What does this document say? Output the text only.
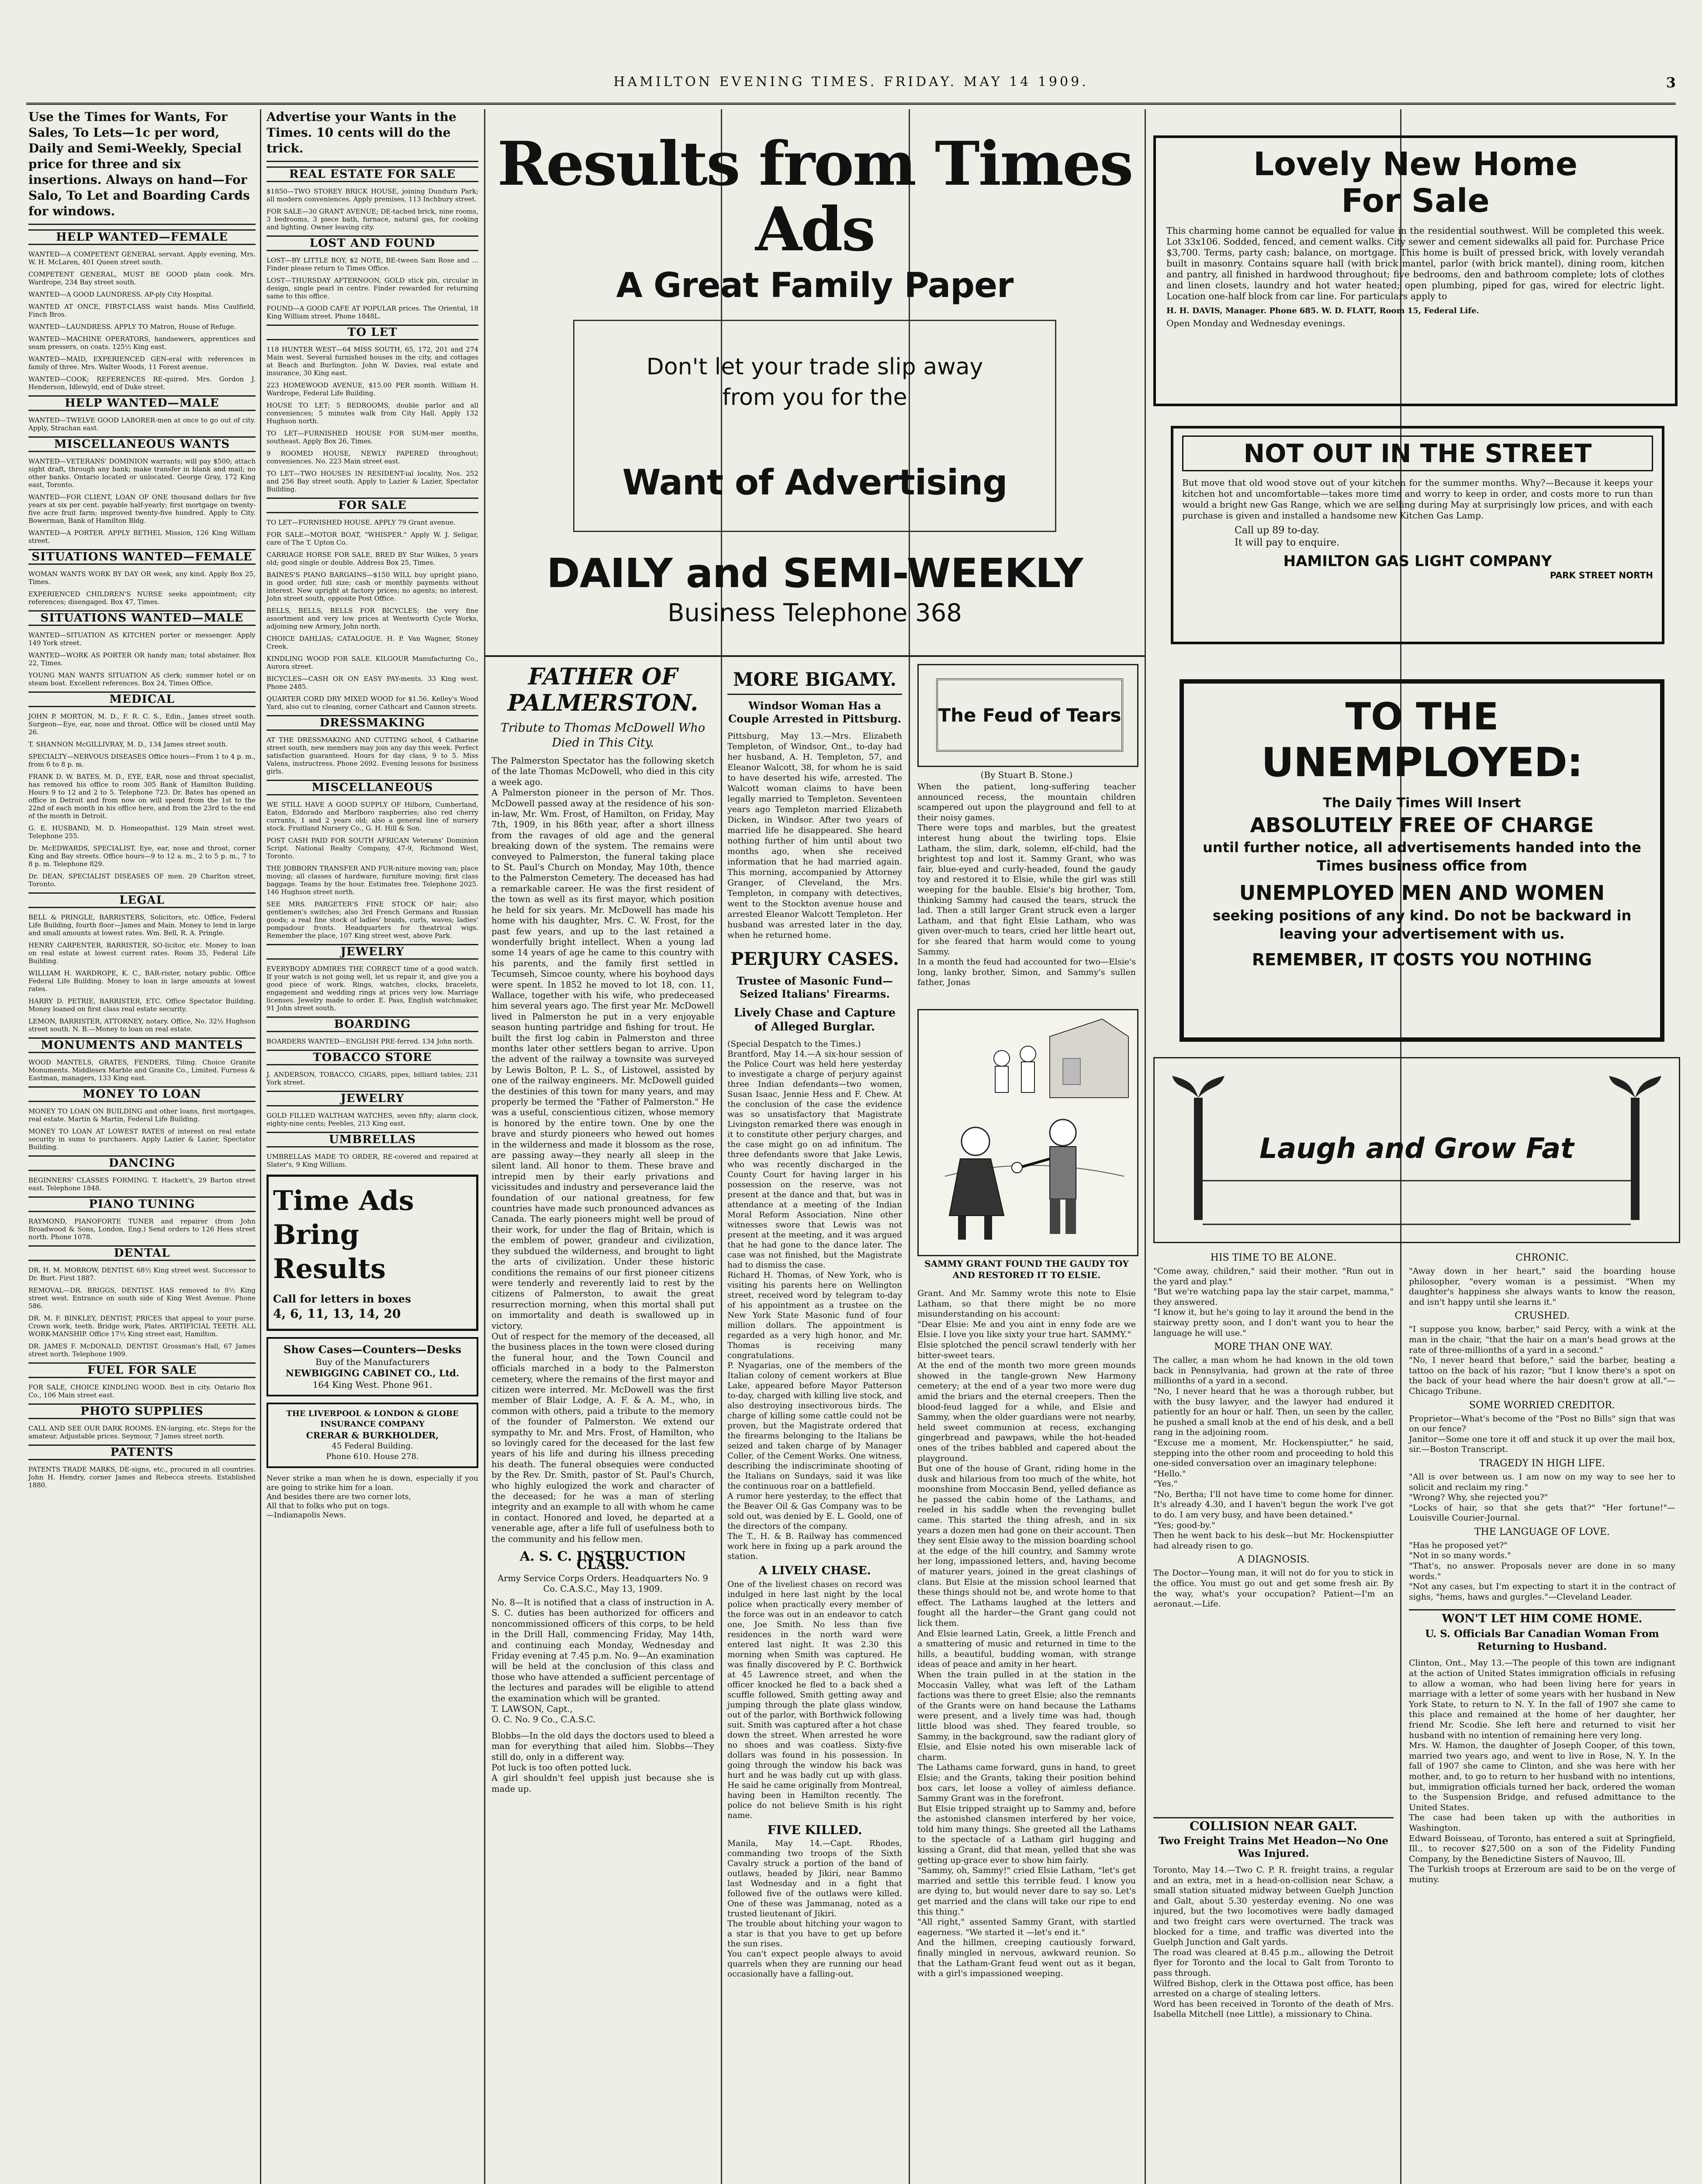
HAMILTON EVENING TIMES. FRIDAY. MAY 14 1909.	3
Use the Times for Wants, For Sales, To Lets—1c per word, Daily and Semi-Weekly, Special price for three and six insertions. Always on hand—For Salo, To Let and Boarding Cards for windows.
HELP WANTED—FEMALE

WANTED—A COMPETENT GENERAL servant. Apply evening, Mrs. W. H. McLaren, 401 Queen street south.

COMPETENT GENERAL, MUST BE GOOD plain cook. Mrs. Wardrope, 234 Bay street south.

WANTED—A GOOD LAUNDRESS. AP-ply City Hospital.

WANTED AT ONCE, FIRST-CLASS waist hands. Miss Caulfield, Finch Bros.

WANTED—LAUNDRESS. APPLY TO Matron, House of Refuge.

WANTED—MACHINE OPERATORS, handsewers, apprentices and seam pressers, on coats. 125½ King east.

WANTED—MAID, EXPERIENCED GEN-eral with references in family of three. Mrs. Walter Woods, 11 Forest avenue.

WANTED—COOK; REFERENCES RE-quired. Mrs. Gordon J. Henderson, Idlewyld, end of Duke street.

HELP WANTED—MALE

WANTED—TWELVE GOOD LABORER-men at once to go out of city. Apply, Strachan east.

MISCELLANEOUS WANTS

WANTED—VETERANS' DOMINION warrants; will pay $500; attach sight draft, through any bank; make transfer in blank and mail; no other banks. Ontario located or unlocated. George Gray, 172 King east, Toronto.

WANTED—FOR CLIENT, LOAN OF ONE thousand dollars for five years at six per cent. payable half-yearly; first mortgage on twenty-five acre fruit farm; improved twenty-five hundred. Apply to City. Bowerman, Bank of Hamilton Bldg.

WANTED—A PORTER. APPLY BETHEL Mission, 126 King William street.

SITUATIONS WANTED—FEMALE

WOMAN WANTS WORK BY DAY OR week, any kind. Apply Box 25, Times.

EXPERIENCED CHILDREN'S NURSE seeks appointment; city references; disengaged. Box 47, Times.

SITUATIONS WANTED—MALE

WANTED—SITUATION AS KITCHEN porter or messenger. Apply 149 York street.

WANTED—WORK AS PORTER OR handy man; total abstainer. Box 22, Times.

YOUNG MAN WANTS SITUATION AS clerk; summer hotel or on steam boat. Excellent references. Box 24, Times Office.

MEDICAL

JOHN P. MORTON, M. D., F. R. C. S., Edin., James street south. Surgeon—Eye, ear, nose and throat. Office will be closed until May 26.

T. SHANNON McGILLIVRAY, M. D., 134 James street south.

SPECIALTY—NERVOUS DISEASES Office hours—From 1 to 4 p. m., from 6 to 8 p. m.

FRANK D. W. BATES, M. D., EYE, EAR, nose and throat specialist, has removed his office to room 305 Bank of Hamilton Building. Hours 9 to 12 and 2 to 5. Telephone 723. Dr. Bates has opened an office in Detroit and from now on will spend from the 1st to the 22nd of each month in his office here, and from the 23rd to the end of the month in Detroit.

G. E. HUSBAND, M. D. Homeopathist. 129 Main street west. Telephone 255.

Dr. McEDWARDS, SPECIALIST. Eye, ear, nose and throat, corner King and Bay streets. Office hours—9 to 12 a. m., 2 to 5 p. m., 7 to 8 p. m. Telephone 829.

Dr. DEAN, SPECIALIST DISEASES OF men. 29 Charlton street, Toronto.

LEGAL

BELL & PRINGLE, BARRISTERS, Solicitors, etc. Office, Federal Life Building, fourth floor—James and Main. Money to lend in large and small amounts at lowest rates. Wm. Bell, R. A. Pringle.

HENRY CARPENTER, BARRISTER, SO-licitor, etc. Money to loan on real estate at lowest current rates. Room 35, Federal Life Building.

WILLIAM H. WARDROPE, K. C., BAR-rister, notary public. Office Federal Life Building. Money to loan in large amounts at lowest rates.

HARRY D. PETRIE, BARRISTER, ETC. Office Spectator Building. Money loaned on first class real estate security.

LEMON, BARRISTER, ATTORNEY, notary. Office, No. 32½ Hughson street south. N. B.—Money to loan on real estate.

MONUMENTS AND MANTELS

WOOD MANTELS, GRATES, FENDERS, Tiling. Choice Granite Monuments. Middlesex Marble and Granite Co., Limited. Furness & Eastman, managers, 133 King east.

MONEY TO LOAN

MONEY TO LOAN ON BUILDING and other loans, first mortgages, real estate. Martin & Martin, Federal Life Building.

MONEY TO LOAN AT LOWEST RATES of interest on real estate security in sums to purchasers. Apply Lazier & Lazier, Spectator Building.

DANCING

BEGINNERS' CLASSES FORMING. T. Hackett's, 29 Barton street east. Telephone 1848.

PIANO TUNING

RAYMOND, PIANOFORTE TUNER and repairer (from John Broadwood & Sons, London, Eng.) Send orders to 126 Hess street north. Phone 1078.

DENTAL

DR. H. M. MORROW, DENTIST. 68½ King street west. Successor to Dr. Burt. First 1887.

REMOVAL—DR. BRIGGS, DENTIST. HAS removed to 8½ King street west. Entrance on south side of King West Avenue. Phone 586.

DR. M. F. BINKLEY, DENTIST, PRICES that appeal to your purse. Crown work, teeth. Bridge work, Plates. ARTIFICIAL TEETH. ALL WORK-MANSHIP. Office 17½ King street east, Hamilton.

DR. JAMES F. McDONALD, DENTIST. Grossman's Hall, 67 James street north. Telephone 1909.

FUEL FOR SALE

FOR SALE, CHOICE KINDLING WOOD. Best in city. Ontario Box Co., 106 Main street east.

PHOTO SUPPLIES

CALL AND SEE OUR DARK ROOMS. EN-larging, etc. Steps for the amateur. Adjustable prices. Seymour, 7 James street north.

PATENTS

PATENTS TRADE MARKS, DE-signs, etc., procured in all countries. John H. Hendry, corner James and Rebecca streets. Established 1880.

Advertise your Wants in the Times. 10 cents will do the trick.
REAL ESTATE FOR SALE

$1850—TWO STOREY BRICK HOUSE, joining Dundurn Park; all modern conveniences. Apply premises, 113 Inchbury street.

FOR SALE—30 GRANT AVENUE; DE-tached brick, nine rooms, 3 bedrooms, 3 piece bath, furnace, natural gas, for cooking and lighting. Owner leaving city.

LOST AND FOUND

LOST—BY LITTLE BOY, $2 NOTE, BE-tween Sam Rose and ... Finder please return to Times Office.

LOST—THURSDAY AFTERNOON, GOLD stick pin, circular in design, single pearl in centre. Finder rewarded for returning same to this office.

FOUND—A GOOD CAFE AT POPULAR prices. The Oriental, 18 King William street. Phone 1848L.

TO LET

118 HUNTER WEST—64 MISS SOUTH, 65, 172, 201 and 274 Main west. Several furnished houses in the city, and cottages at Beach and Burlington. John W. Davies, real estate and insurance, 30 King east.

223 HOMEWOOD AVENUE, $15.00 PER month. William H. Wardrope, Federal Life Building.

HOUSE TO LET; 5 BEDROOMS, double parlor and all conveniences; 5 minutes walk from City Hall. Apply 132 Hughson north.

TO LET—FURNISHED HOUSE FOR SUM-mer months, southeast. Apply Box 26, Times.

9 ROOMED HOUSE, NEWLY PAPERED throughout; conveniences. No. 223 Main street east.

TO LET—TWO HOUSES IN RESIDENT-ial locality, Nos. 252 and 256 Bay street south. Apply to Lazier & Lazier, Spectator Building.

FOR SALE

TO LET—FURNISHED HOUSE. APPLY 79 Grant avenue.

FOR SALE—MOTOR BOAT, "WHISPER." Apply W. J. Seligar, care of The T. Upton Co.

CARRIAGE HORSE FOR SALE, BRED BY Star Wilkes, 5 years old; good single or double. Address Box 25, Times.

BAINES'S PIANO BARGAINS—$150 WILL buy upright piano, in good order, full size; cash or monthly payments without interest. New upright at factory prices; no agents; no interest. John street south, opposite Post Office.

BELLS, BELLS, BELLS FOR BICYCLES; the very fine assortment and very low prices at Wentworth Cycle Works, adjoining new Armory, John north.

CHOICE DAHLIAS; CATALOGUE. H. P. Van Wagner, Stoney Creek.

KINDLING WOOD FOR SALE. KILGOUR Manufacturing Co., Aurora street.

BICYCLES—CASH OR ON EASY PAY-ments. 33 King west. Phone 2485.

QUARTER CORD DRY MIXED WOOD for $1.56. Kelley's Wood Yard, also cut to cleaning, corner Cathcart and Cannon streets.

DRESSMAKING

AT THE DRESSMAKING AND CUTTING school, 4 Catharine street south, new members may join any day this week. Perfect satisfaction guaranteed. Hours for day class, 9 to 5. Miss Valens, instructress. Phone 2692. Evening lessons for business girls.

MISCELLANEOUS

WE STILL HAVE A GOOD SUPPLY OF Hilborn, Cumberland, Eaton, Eldorado and Marlboro raspberries; also red cherry currants, 1 and 2 years old; also a general line of nursery stock. Fruitland Nursery Co., G. H. Hill & Son.

POST CASH PAID FOR SOUTH AFRICAN Veterans' Dominion Script. National Realty Company, 47-9, Richmond West, Toronto.

THE JOBBORN TRANSFER AND FUR-niture moving van; place moving; all classes of hardware, furniture moving; first class baggage. Teams by the hour. Estimates free. Telephone 2025. 146 Hughson street north.

SEE MRS. PARGETER'S FINE STOCK OF hair; also gentlemen's switches; also 3rd French Germans and Russian goods; a real fine stock of ladies' braids, curls, waves; ladies' pompadour fronts. Headquarters for theatrical wigs. Remember the place, 107 King street west, above Park.

JEWELRY

EVERYBODY ADMIRES THE CORRECT time of a good watch. If your watch is not going well, let us repair it, and give you a good piece of work. Rings, watches, clocks, bracelets, engagement and wedding rings at prices very low. Marriage licenses. Jewelry made to order. E. Pass, English watchmaker, 91 John street south.

BOARDING

BOARDERS WANTED—ENGLISH PRE-ferred. 134 John north.

TOBACCO STORE

J. ANDERSON, TOBACCO, CIGARS, pipes, billiard tables; 231 York street.

JEWELRY

GOLD FILLED WALTHAM WATCHES, seven fifty; alarm clock, eighty-nine cents; Peebles, 213 King east.

UMBRELLAS

UMBRELLAS MADE TO ORDER, RE-covered and repaired at Slater's, 9 King William.

Time Ads
Bring
Results
Call for letters in boxes
4, 6, 11, 13, 14, 20
Show Cases—Counters—Desks
Buy of the Manufacturers
NEWBIGGING CABINET CO., Ltd.
164 King West. Phone 961.
THE LIVERPOOL & LONDON & GLOBE
INSURANCE COMPANY
CRERAR & BURKHOLDER,
45 Federal Building.
Phone 610. House 278.

Never strike a man when he is down, especially if you are going to strike him for a loan.
And besides there are two corner lots,
All that to folks who put on togs.
—Indianapolis News.

Results from Times Ads
A Great Family Paper
Don't let your trade slip away
from you for the
Want of Advertising
DAILY and SEMI-WEEKLY
Business Telephone 368
FATHER OF
PALMERSTON.
Tribute to Thomas McDowell Who Died in This City.
The Palmerston Spectator has the following sketch of the late Thomas McDowell, who died in this city a week ago.
A Palmerston pioneer in the person of Mr. Thos. McDowell passed away at the residence of his son-in-law, Mr. Wm. Frost, of Hamilton, on Friday, May 7th, 1909, in his 86th year, after a short illness from the ravages of old age and the general breaking down of the system. The remains were conveyed to Palmerston, the funeral taking place to St. Paul's Church on Monday, May 10th, thence to the Palmerston Cemetery. The deceased has had a remarkable career. He was the first resident of the town as well as its first mayor, which position he held for six years. Mr. McDowell has made his home with his daughter, Mrs. C. W. Frost, for the past few years, and up to the last retained a wonderfully bright intellect. When a young lad some 14 years of age he came to this country with his parents, and the family first settled in Tecumseh, Simcoe county, where his boyhood days were spent. In 1852 he moved to lot 18, con. 11, Wallace, together with his wife, who predeceased him several years ago. The first year Mr. McDowell lived in Palmerston he put in a very enjoyable season hunting partridge and fishing for trout. He built the first log cabin in Palmerston and three months later other settlers began to arrive. Upon the advent of the railway a townsite was surveyed by Lewis Bolton, P. L. S., of Listowel, assisted by one of the railway engineers. Mr. McDowell guided the destinies of this town for many years, and may properly be termed the "Father of Palmerston." He was a useful, conscientious citizen, whose memory is honored by the entire town. One by one the brave and sturdy pioneers who hewed out homes in the wilderness and made it blossom as the rose, are passing away—they nearly all sleep in the silent land. All honor to them. These brave and intrepid men by their early privations and vicissitudes and industry and perseverance laid the foundation of our national greatness, for few countries have made such pronounced advances as Canada. The early pioneers might well be proud of their work, for under the flag of Britain, which is the emblem of power, grandeur and civilization, they subdued the wilderness, and brought to light the arts of civilization. Under these historic conditions the remains of our first pioneer citizens were tenderly and reverently laid to rest by the citizens of Palmerston, to await the great resurrection morning, when this mortal shall put on immortality and death is swallowed up in victory.
Out of respect for the memory of the deceased, all the business places in the town were closed during the funeral hour, and the Town Council and officials marched in a body to the Palmerston cemetery, where the remains of the first mayor and citizen were interred. Mr. McDowell was the first member of Blair Lodge, A. F. & A. M., who, in common with others, paid a tribute to the memory of the founder of Palmerston. We extend our sympathy to Mr. and Mrs. Frost, of Hamilton, who so lovingly cared for the deceased for the last few years of his life and during his illness preceding his death. The funeral obsequies were conducted by the Rev. Dr. Smith, pastor of St. Paul's Church, who highly eulogized the work and character of the deceased; for he was a man of sterling integrity and an example to all with whom he came in contact. Honored and loved, he departed at a venerable age, after a life full of usefulness both to the community and his fellow men.
A. S. C. INSTRUCTION CLASS.
Army Service Corps Orders. Headquarters No. 9 Co. C.A.S.C., May 13, 1909.
No. 8—It is notified that a class of instruction in A. S. C. duties has been authorized for officers and noncommissioned officers of this corps, to be held in the Drill Hall, commencing Friday, May 14th, and continuing each Monday, Wednesday and Friday evening at 7.45 p.m. No. 9—An examination will be held at the conclusion of this class and those who have attended a sufficient percentage of the lectures and parades will be eligible to attend the examination which will be granted.
T. LAWSON, Capt.,
O. C. No. 9 Co., C.A.S.C.
Blobbs—In the old days the doctors used to bleed a man for everything that ailed him. Slobbs—They still do, only in a different way.
Pot luck is too often potted luck.
A girl shouldn't feel uppish just because she is made up.
MORE BIGAMY.
Windsor Woman Has a Couple Arrested in Pittsburg.
Pittsburg, May 13.—Mrs. Elizabeth Templeton, of Windsor, Ont., to-day had her husband, A. H. Templeton, 57, and Eleanor Walcott, 38, for whom he is said to have deserted his wife, arrested. The Walcott woman claims to have been legally married to Templeton. Seventeen years ago Templeton married Elizabeth Dicken, in Windsor. After two years of married life he disappeared. She heard nothing further of him until about two months ago, when she received information that he had married again. This morning, accompanied by Attorney Granger, of Cleveland, the Mrs. Templeton, in company with detectives, went to the Stockton avenue house and arrested Eleanor Walcott Templeton. Her husband was arrested later in the day, when he returned home.
PERJURY CASES.
Trustee of Masonic Fund—Seized Italians' Firearms.
Lively Chase and Capture of Alleged Burglar.
(Special Despatch to the Times.)
Brantford, May 14.—A six-hour session of the Police Court was held here yesterday to investigate a charge of perjury against three Indian defendants—two women, Susan Isaac, Jennie Hess and F. Chew. At the conclusion of the case the evidence was so unsatisfactory that Magistrate Livingston remarked there was enough in it to constitute other perjury charges, and the case might go on ad infinitum. The three defendants swore that Jake Lewis, who was recently discharged in the County Court for having larger in his possession on the reserve, was not present at the dance and that, but was in attendance at a meeting of the Indian Moral Reform Association. Nine other witnesses swore that Lewis was not present at the meeting, and it was argued that he had gone to the dance later. The case was not finished, but the Magistrate had to dismiss the case.
Richard H. Thomas, of New York, who is visiting his parents here on Wellington street, received word by telegram to-day of his appointment as a trustee on the New York State Masonic fund of four million dollars. The appointment is regarded as a very high honor, and Mr. Thomas is receiving many congratulations.
P. Nyagarias, one of the members of the Italian colony of cement workers at Blue Lake, appeared before Mayor Patterson to-day, charged with killing live stock, and also destroying insectivorous birds. The charge of killing some cattle could not be proven, but the Magistrate ordered that the firearms belonging to the Italians be seized and taken charge of by Manager Coller, of the Cement Works. One witness, describing the indiscriminate shooting of the Italians on Sundays, said it was like the continuous roar on a battlefield.
A rumor here yesterday, to the effect that the Beaver Oil & Gas Company was to be sold out, was denied by E. L. Goold, one of the directors of the company.
The T., H. & B. Railway has commenced work here in fixing up a park around the station.
A LIVELY CHASE.
One of the liveliest chases on record was indulged in here last night by the local police when practically every member of the force was out in an endeavor to catch one, Joe Smith. No less than five residences in the north ward were entered last night. It was 2.30 this morning when Smith was captured. He was finally discovered by P. C. Borthwick at 45 Lawrence street, and when the officer knocked he fled to a back shed a scuffle followed, Smith getting away and jumping through the plate glass window, out of the parlor, with Borthwick following suit. Smith was captured after a hot chase down the street. When arrested he wore no shoes and was coatless. Sixty-five dollars was found in his possession. In going through the window his back was hurt and he was badly cut up with glass. He said he came originally from Montreal, having been in Hamilton recently. The police do not believe Smith is his right name.
FIVE KILLED.
Manila, May 14.—Capt. Rhodes, commanding two troops of the Sixth Cavalry struck a portion of the band of outlaws, headed by Jikiri, near Bammo last Wednesday and in a fight that followed five of the outlaws were killed. One of these was Jammanag, noted as a trusted lieutenant of Jikiri.
The trouble about hitching your wagon to a star is that you have to get up before the sun rises.
You can't expect people always to avoid quarrels when they are running our head occasionally have a falling-out.
The Feud of Tears
(By Stuart B. Stone.)
When the patient, long-suffering teacher announced recess, the mountain children scampered out upon the playground and fell to at their noisy games.
There were tops and marbles, but the greatest interest hung about the twirling tops. Elsie Latham, the slim, dark, solemn, elf-child, had the brightest top and lost it. Sammy Grant, who was fair, blue-eyed and curly-headed, found the gaudy toy and restored it to Elsie, while the girl was still weeping for the bauble. Elsie's big brother, Tom, thinking Sammy had caused the tears, struck the lad. Then a still larger Grant struck even a larger Latham, and that fight Elsie Latham, who was given over-much to tears, cried her little heart out, for she feared that harm would come to young Sammy.
In a month the feud had accounted for two—Elsie's long, lanky brother, Simon, and Sammy's sullen father, Jonas
SAMMY GRANT FOUND THE GAUDY TOY AND RESTORED IT TO ELSIE.
Grant. And Mr. Sammy wrote this note to Elsie Latham, so that there might be no more misunderstanding on his account:
"Dear Elsie: Me and you aint in enny fode are we Elsie. I love you like sixty your true hart. SAMMY."
Elsie splotched the pencil scrawl tenderly with her bitter-sweet tears.
At the end of the month two more green mounds showed in the tangle-grown New Harmony cemetery; at the end of a year two more were dug amid the briars and the eternal creepers. Then the blood-feud lagged for a while, and Elsie and Sammy, when the older guardians were not nearby, held sweet communion at recess, exchanging gingerbread and pawpaws, while the hot-headed ones of the tribes babbled and capered about the playground.
But one of the house of Grant, riding home in the dusk and hilarious from too much of the white, hot moonshine from Moccasin Bend, yelled defiance as he passed the cabin home of the Lathams, and reeled in his saddle when the revenging bullet came. This started the thing afresh, and in six years a dozen men had gone on their account. Then they sent Elsie away to the mission boarding school at the edge of the hill country, and Sammy wrote her long, impassioned letters, and, having become of maturer years, joined in the great clashings of clans. But Elsie at the mission school learned that these things should not be, and wrote home to that effect. The Lathams laughed at the letters and fought all the harder—the Grant gang could not lick them.
And Elsie learned Latin, Greek, a little French and a smattering of music and returned in time to the hills, a beautiful, budding woman, with strange ideas of peace and amity in her heart.
When the train pulled in at the station in the Moccasin Valley, what was left of the Latham factions was there to greet Elsie; also the remnants of the Grants were on hand because the Lathams were present, and a lively time was had, though little blood was shed. They feared trouble, so Sammy, in the background, saw the radiant glory of Elsie, and Elsie noted his own miserable lack of charm.
The Lathams came forward, guns in hand, to greet Elsie; and the Grants, taking their position behind box cars, let loose a volley of aimless defiance. Sammy Grant was in the forefront.
But Elsie tripped straight up to Sammy and, before the astonished clansmen interfered by her voice, told him many things. She greeted all the Lathams to the spectacle of a Latham girl hugging and kissing a Grant, did that mean, yelled that she was getting up-grace ever to show him fairly.
"Sammy, oh, Sammy!" cried Elsie Latham, "let's get married and settle this terrible feud. I know you are dying to, but would never dare to say so. Let's get married and the clans will take our ripe to end this thing."
"All right," assented Sammy Grant, with startled eagerness. "We started it —let's end it."
And the hillmen, creeping cautiously forward, finally mingled in nervous, awkward reunion. So that the Latham-Grant feud went out as it began, with a girl's impassioned weeping.
COLLISION NEAR GALT.
Two Freight Trains Met Headon—No One Was Injured.
Toronto, May 14.—Two C. P. R. freight trains, a regular and an extra, met in a head-on-collision near Schaw, a small station situated midway between Guelph Junction and Galt, about 5.30 yesterday evening. No one was injured, but the two locomotives were badly damaged and two freight cars were overturned. The track was blocked for a time, and traffic was diverted into the Guelph Junction and Galt yards.
The road was cleared at 8.45 p.m., allowing the Detroit flyer for Toronto and the local to Galt from Toronto to pass through.
Wilfred Bishop, clerk in the Ottawa post office, has been arrested on a charge of stealing letters.
Word has been received in Toronto of the death of Mrs. Isabella Mitchell (nee Little), a missionary to China.
Lovely New Home
For Sale
This charming home cannot be equalled for value in the residential southwest. Will be completed this week. Lot 33x106. Sodded, fenced, and cement walks. City sewer and cement sidewalks all paid for. Purchase Price $3,700. Terms, party cash; balance, on mortgage. This home is built of pressed brick, with lovely verandah built in masonry. Contains square hall (with brick mantel, parlor (with brick mantel), dining room, kitchen and pantry, all finished in hardwood throughout; five bedrooms, den and bathroom complete; lots of clothes and linen closets, laundry and hot water heated; open plumbing, piped for gas, wired for electric light. Location one-half block from car line. For particulars apply to
H. H. DAVIS, Manager. Phone 685. W. D. FLATT, Room 15, Federal Life.
Open Monday and Wednesday evenings.
NOT OUT IN THE STREET
But move that old wood stove out of your kitchen for the summer months. Why?—Because it keeps your kitchen hot and uncomfortable—takes more time and worry to keep in order, and costs more to run than would a bright new Gas Range, which we are selling during May at surprisingly low prices, and with each purchase is given and installed a handsome new Kitchen Gas Lamp.
Call up 89 to-day.
It will pay to enquire.
HAMILTON GAS LIGHT COMPANY
PARK STREET NORTH
TO THE
UNEMPLOYED:
The Daily Times Will Insert
ABSOLUTELY FREE OF CHARGE
until further notice, all advertisements handed into the Times business office from
UNEMPLOYED MEN AND WOMEN
seeking positions of any kind. Do not be backward in leaving your advertisement with us.
REMEMBER, IT COSTS YOU NOTHING
Laugh and Grow Fat
HIS TIME TO BE ALONE.
"Come away, children," said their mother. "Run out in the yard and play."
"But we're watching papa lay the stair carpet, mamma," they answered.
"I know it, but he's going to lay it around the bend in the stairway pretty soon, and I don't want you to hear the language he will use."
MORE THAN ONE WAY.
The caller, a man whom he had known in the old town back in Pennsylvania, had grown at the rate of three millionths of a yard in a second.
"No, I never heard that he was a thorough rubber, but with the busy lawyer, and the lawyer had endured it patiently for an hour or half. Then, un seen by the caller, he pushed a small knob at the end of his desk, and a bell rang in the adjoining room.
"Excuse me a moment, Mr. Hockenspiutter," he said, stepping into the other room and proceeding to hold this one-sided conversation over an imaginary telephone:
"Hello."
"Yes."
"No, Bertha; I'll not have time to come home for dinner. It's already 4.30, and I haven't begun the work I've got to do. I am very busy, and have been detained."
"Yes; good-by."
Then he went back to his desk—but Mr. Hockenspiutter had already risen to go.
A DIAGNOSIS.
The Doctor—Young man, it will not do for you to stick in the office. You must go out and get some fresh air. By the way, what's your occupation? Patient—I'm an aeronaut.—Life.
CHRONIC.
"Away down in her heart," said the boarding house philosopher, "every woman is a pessimist. "When my daughter's happiness she always wants to know the reason, and isn't happy until she learns it."
CRUSHED.
"I suppose you know, barber," said Percy, with a wink at the man in the chair, "that the hair on a man's head grows at the rate of three-millionths of a yard in a second."
"No, I never heard that before," said the barber, beating a tattoo on the back of his razor; "but I know there's a spot on the back of your head where the hair doesn't grow at all."—Chicago Tribune.
SOME WORRIED CREDITOR.
Proprietor—What's become of the "Post no Bills" sign that was on our fence?
Janitor—Some one tore it off and stuck it up over the mail box, sir.—Boston Transcript.
TRAGEDY IN HIGH LIFE.
"All is over between us. I am now on my way to see her to solicit and reclaim my ring."
"Wrong? Why, she rejected you?"
"Locks of hair, so that she gets that?" "Her fortune!"—Louisville Courier-Journal.
THE LANGUAGE OF LOVE.
"Has he proposed yet?"
"Not in so many words."
"That's, no answer. Proposals never are done in so many words."
"Not any cases, but I'm expecting to start it in the contract of sighs, "hems, haws and gurgles."—Cleveland Leader.
WON'T LET HIM COME HOME.
U. S. Officials Bar Canadian Woman From Returning to Husband.
Clinton, Ont., May 13.—The people of this town are indignant at the action of United States immigration officials in refusing to allow a woman, who had been living here for years in marriage with a letter of some years with her husband in New York State, to return to N. Y. In the fall of 1907 she came to this place and remained at the home of her daughter, her friend Mr. Scodie. She left here and returned to visit her husband with no intention of remaining here very long.
Mrs. W. Hamon, the daughter of Joseph Cooper, of this town, married two years ago, and went to live in Rose, N. Y. In the fall of 1907 she came to Clinton, and she was here with her mother, and, to go to return to her husband with no intentions, but, immigration officials turned her back, ordered the woman to the Suspension Bridge, and refused admittance to the United States.
The case had been taken up with the authorities in Washington.
Edward Boisseau, of Toronto, has entered a suit at Springfield, Ill., to recover $27,500 on a son of the Fidelity Funding Company, by the Benedictine Sisters of Nauvoo, Ill.
The Turkish troops at Erzeroum are said to be on the verge of mutiny.
